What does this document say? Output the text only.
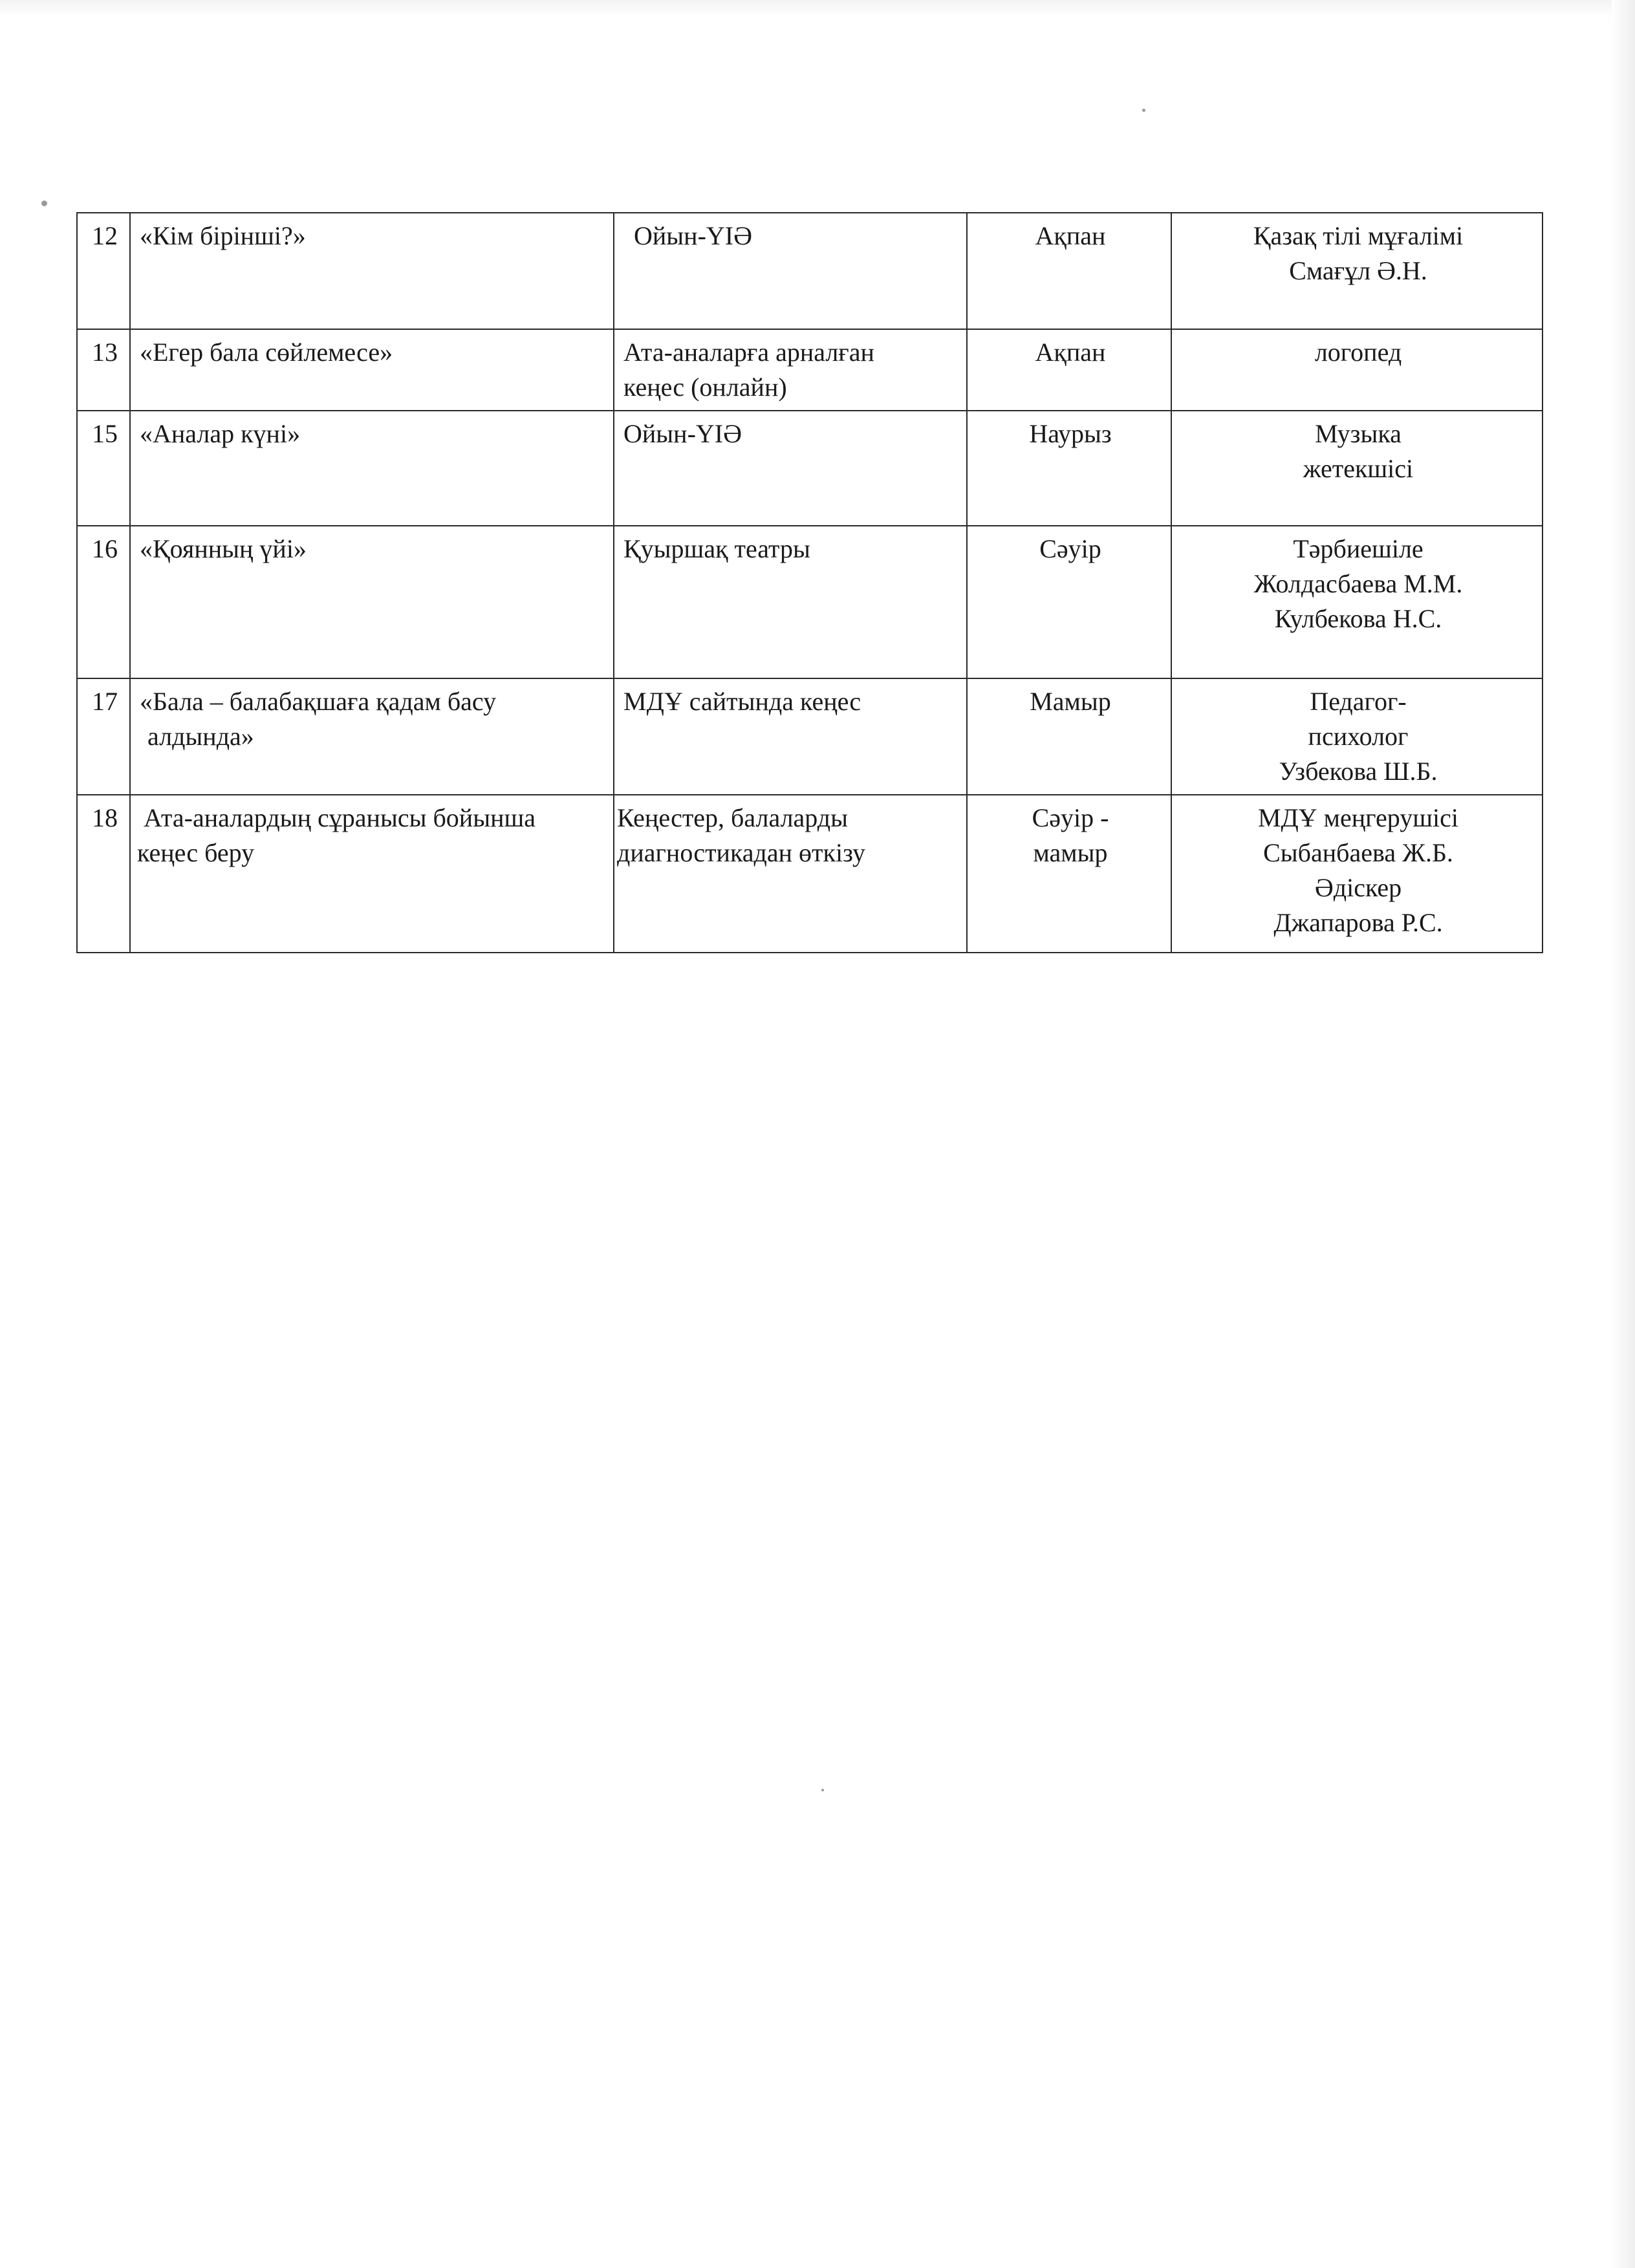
12	«Кім бірінші?»	Ойын-ҮІӘ	Ақпан	Қазақ тілі мұғалімі
Смағұл Ә.Н.

13	«Егер бала сөйлемесе»	Ата-аналарға арналған
кеңес (онлайн)	Ақпан	логопед

15	«Аналар күні»	Ойын-ҮІӘ	Наурыз	Музыка
жетекшісі

16	«Қоянның үйі»	Қуыршақ театры	Сәуір	Тәрбиешіле
Жолдасбаева М.М.
Кулбекова Н.С.

17	«Бала – балабақшаға қадам басу
алдында»	МДҰ сайтында кеңес	Мамыр	Педагог-
психолог
Узбекова Ш.Б.

18	Ата-аналардың сұранысы бойынша
кеңес беру	Кеңестер, балаларды
диагностикадан өткізу	Сәуір -
мамыр	МДҰ меңгерушісі
Сыбанбаева Ж.Б.
Әдіскер
Джапарова Р.С.
